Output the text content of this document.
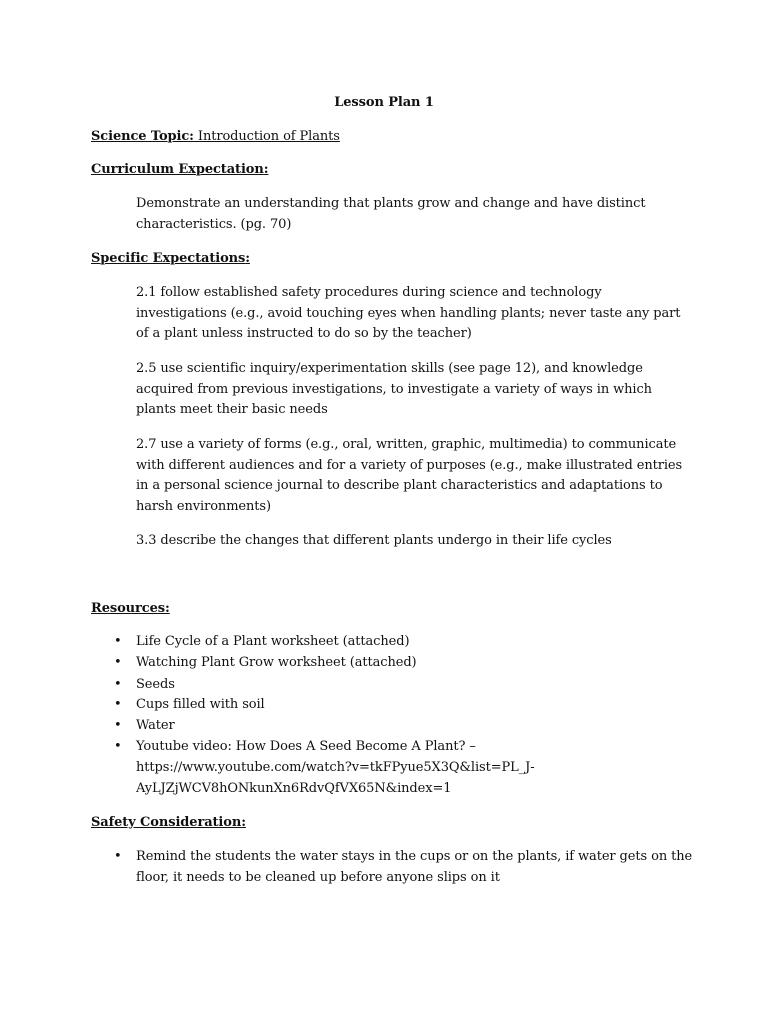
Lesson Plan 1
Science Topic: Introduction of Plants
Curriculum Expectation:
Demonstrate an understanding that plants grow and change and have distinct
characteristics. (pg. 70)
Specific Expectations:
2.1 follow established safety procedures during science and technology
investigations (e.g., avoid touching eyes when handling plants; never taste any part
of a plant unless instructed to do so by the teacher)
2.5 use scientific inquiry/experimentation skills (see page 12), and knowledge
acquired from previous investigations, to investigate a variety of ways in which
plants meet their basic needs
2.7 use a variety of forms (e.g., oral, written, graphic, multimedia) to communicate
with different audiences and for a variety of purposes (e.g., make illustrated entries
in a personal science journal to describe plant characteristics and adaptations to
harsh environments)
3.3 describe the changes that different plants undergo in their life cycles
Resources:
• Life Cycle of a Plant worksheet (attached)
• Watching Plant Grow worksheet (attached)
• Seeds
• Cups filled with soil
• Water
• Youtube video: How Does A Seed Become A Plant? –
https://www.youtube.com/watch?v=tkFPyue5X3Q&list=PL_J-
AyLJZjWCV8hONkunXn6RdvQfVX65N&index=1
Safety Consideration:
• Remind the students the water stays in the cups or on the plants, if water gets on the
floor, it needs to be cleaned up before anyone slips on it
